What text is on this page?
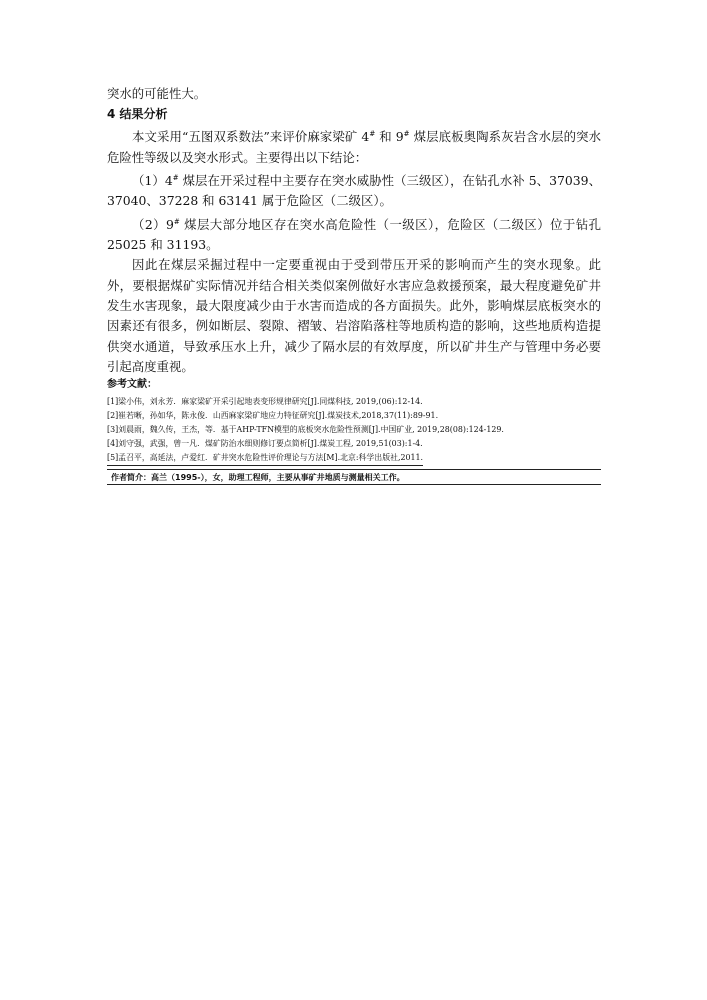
突水的可能性大。

4 结果分析

本文采用“五图双系数法”来评价麻家梁矿 4# 和 9# 煤层底板奥陶系灰岩含水层的突水危险性等级以及突水形式。主要得出以下结论：

（1）4# 煤层在开采过程中主要存在突水威胁性（三级区），在钻孔水补 5、37039、37040、37228 和 63141 属于危险区（二级区）。

（2）9# 煤层大部分地区存在突水高危险性（一级区），危险区（二级区）位于钻孔 25025 和 31193。

因此在煤层采掘过程中一定要重视由于受到带压开采的影响而产生的突水现象。此外，要根据煤矿实际情况并结合相关类似案例做好水害应急救援预案，最大程度避免矿井发生水害现象，最大限度减少由于水害而造成的各方面损失。此外，影响煤层底板突水的因素还有很多，例如断层、裂隙、褶皱、岩溶陷落柱等地质构造的影响，这些地质构造提供突水通道，导致承压水上升，减少了隔水层的有效厚度，所以矿井生产与管理中务必要引起高度重视。

参考文献：

[1]梁小伟，刘永芳．麻家梁矿开采引起地表变形规律研究[J].同煤科技, 2019,(06):12-14.

[2]崔若晰，孙如华，陈永俊．山西麻家梁矿地应力特征研究[J].煤炭技术,2018,37(11):89-91.

[3]刘晨雨，魏久传，王杰，等．基于AHP-TFN模型的底板突水危险性预测[J].中国矿业, 2019,28(08):124-129.

[4]刘守强，武强，曾一凡．煤矿防治水细则修订要点简析[J].煤炭工程, 2019,51(03):1-4.

[5]孟召平，高延法，卢爱红．矿井突水危险性评价理论与方法[M].北京:科学出版社,2011.

作者简介：高兰（1995-），女，助理工程师，主要从事矿井地质与测量相关工作。
